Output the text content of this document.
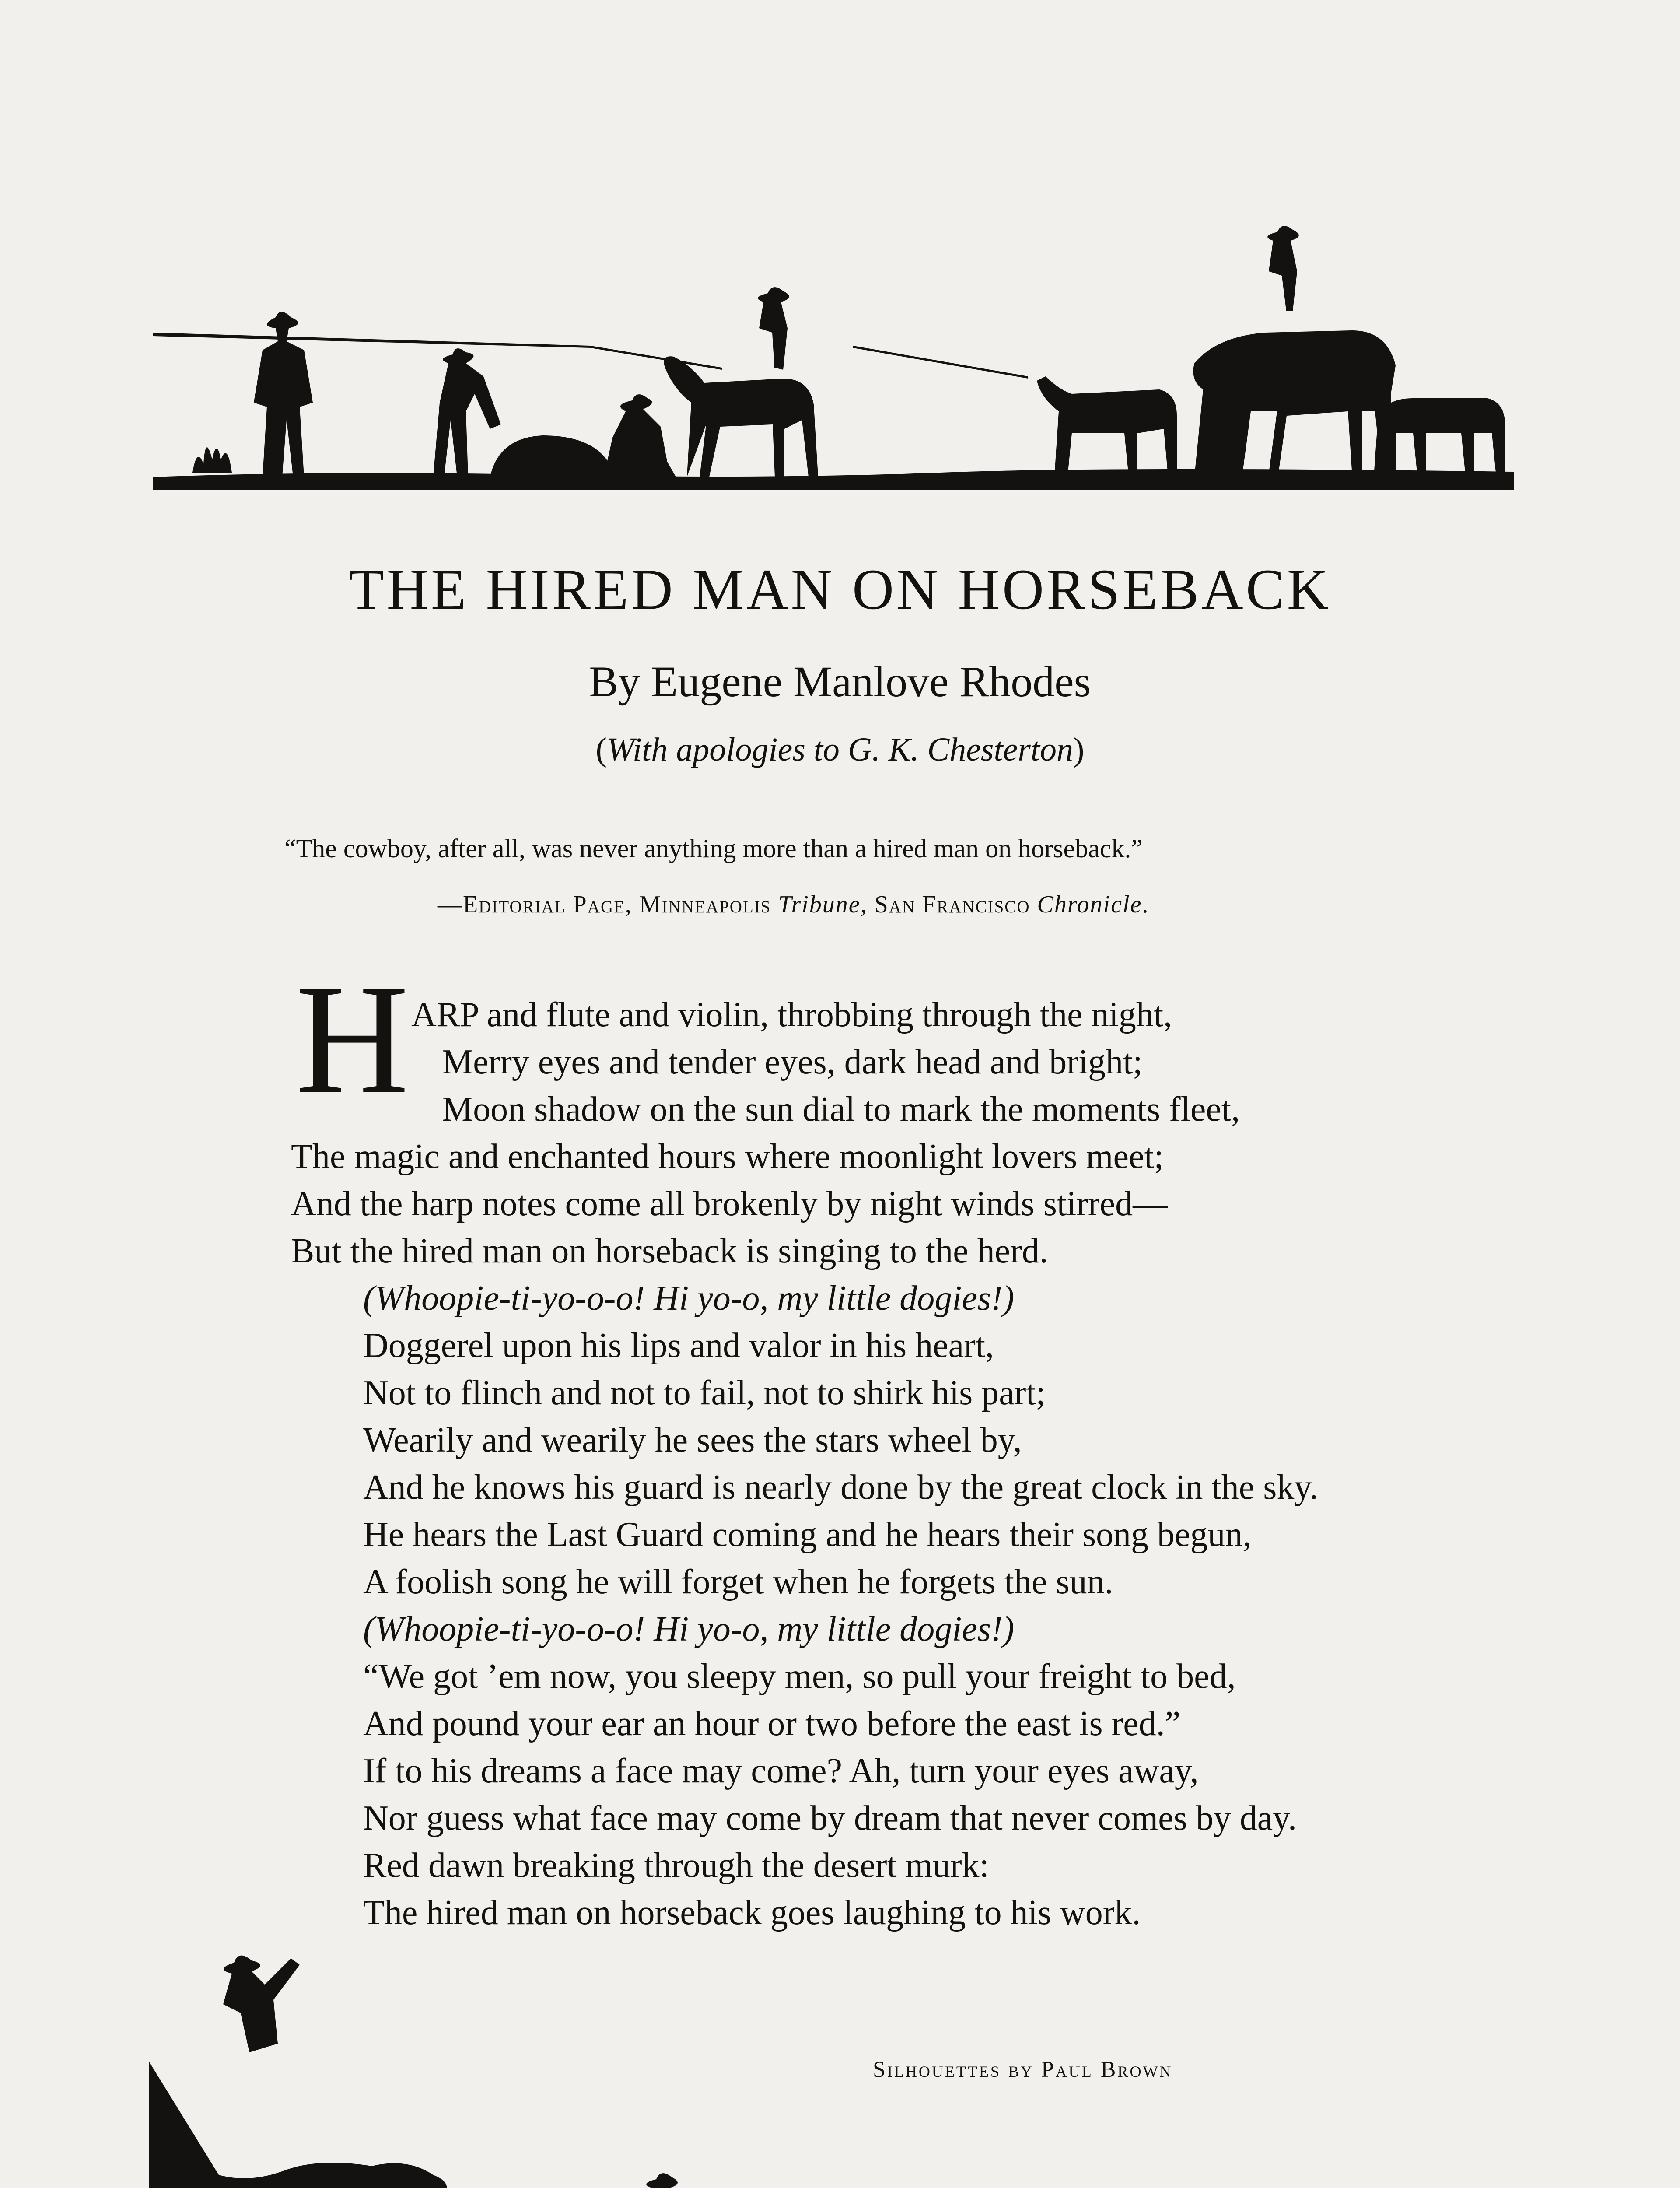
THE HIRED MAN ON HORSEBACK
By Eugene Manlove Rhodes
(With apologies to G. K. Chesterton)
“The cowboy, after all, was never anything more than a hired man on horseback.”
—Editorial Page, Minneapolis Tribune, San Francisco Chronicle.
H ARP and flute and violin, throbbing through the night,
Merry eyes and tender eyes, dark head and bright;
Moon shadow on the sun dial to mark the moments fleet,
The magic and enchanted hours where moonlight lovers meet;
And the harp notes come all brokenly by night winds stirred—
But the hired man on horseback is singing to the herd.
(Whoopie-ti-yo-o-o! Hi yo-o, my little dogies!)
Doggerel upon his lips and valor in his heart,
Not to flinch and not to fail, not to shirk his part;
Wearily and wearily he sees the stars wheel by,
And he knows his guard is nearly done by the great clock in the sky.
He hears the Last Guard coming and he hears their song begun,
A foolish song he will forget when he forgets the sun.
(Whoopie-ti-yo-o-o! Hi yo-o, my little dogies!)
“We got ’em now, you sleepy men, so pull your freight to bed,
And pound your ear an hour or two before the east is red.”
If to his dreams a face may come? Ah, turn your eyes away,
Nor guess what face may come by dream that never comes by day.
Red dawn breaking through the desert murk:
The hired man on horseback goes laughing to his work.
Silhouettes by Paul Brown
